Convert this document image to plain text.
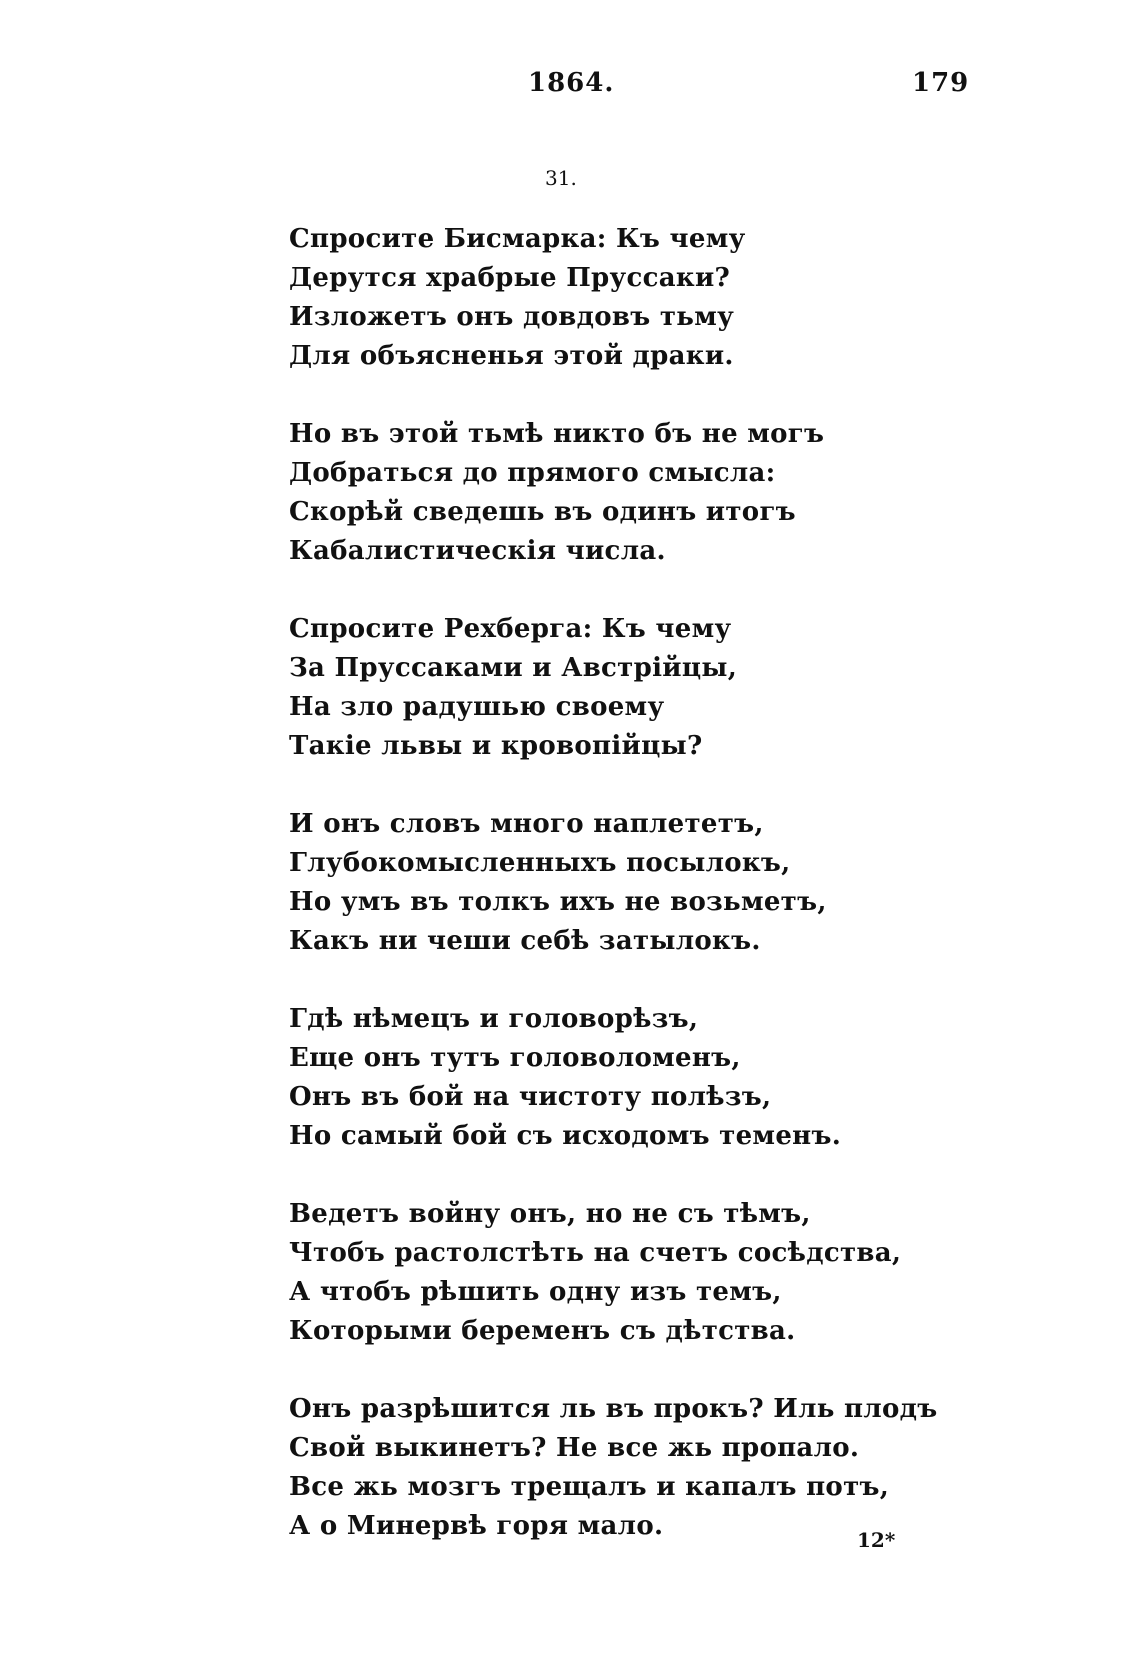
1864.	179
31.
Спросите Бисмарка: Къ чему
Дерутся храбрые Пруссаки?
Изложетъ онъ довдовъ тьму
Для объясненья этой драки.
Но въ этой тьмѣ никто бъ не могъ
Добраться до прямого смысла:
Скорѣй сведешь въ одинъ итогъ
Кабалистическія числа.
Спросите Рехберга: Къ чему
За Пруссаками и Австрійцы,
На зло радушью своему
Такіе львы и кровопійцы?
И онъ словъ много наплететъ,
Глубокомысленныхъ посылокъ,
Но умъ въ толкъ ихъ не возьметъ,
Какъ ни чеши себѣ затылокъ.
Гдѣ нѣмецъ и головорѣзъ,
Еще онъ тутъ головоломенъ,
Онъ въ бой на чистоту полѣзъ,
Но самый бой съ исходомъ теменъ.
Ведетъ войну онъ, но не съ тѣмъ,
Чтобъ растолстѣть на счетъ сосѣдства,
А чтобъ рѣшить одну изъ темъ,
Которыми беременъ съ дѣтства.
Онъ разрѣшится ль въ прокъ? Иль плодъ
Свой выкинетъ? Не все жь пропало.
Все жь мозгъ трещалъ и капалъ потъ,
А о Минервѣ горя мало.	12*
